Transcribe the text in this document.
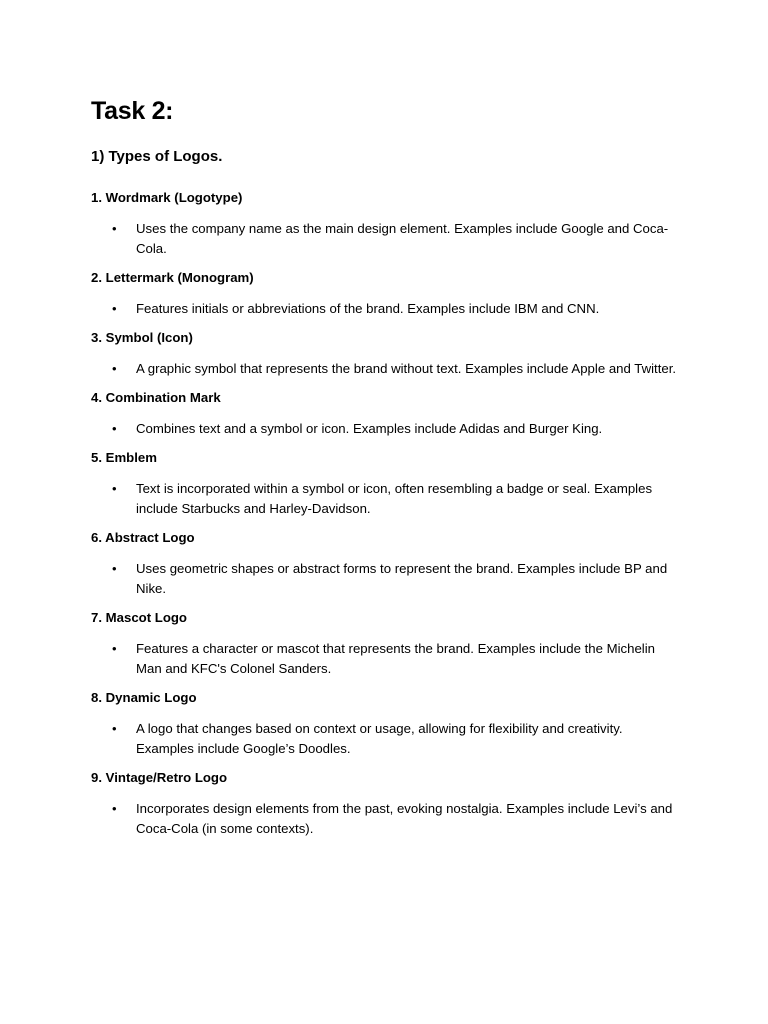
Task 2:
1) Types of Logos.
1. Wordmark (Logotype)
•	Uses the company name as the main design element. Examples include Google and Coca-Cola.
2. Lettermark (Monogram)
•	Features initials or abbreviations of the brand. Examples include IBM and CNN.
3. Symbol (Icon)
•	A graphic symbol that represents the brand without text. Examples include Apple and Twitter.
4. Combination Mark
•	Combines text and a symbol or icon. Examples include Adidas and Burger King.
5. Emblem
•	Text is incorporated within a symbol or icon, often resembling a badge or seal. Examples include Starbucks and Harley-Davidson.
6. Abstract Logo
•	Uses geometric shapes or abstract forms to represent the brand. Examples include BP and Nike.
7. Mascot Logo
•	Features a character or mascot that represents the brand. Examples include the Michelin Man and KFC's Colonel Sanders.
8. Dynamic Logo
•	A logo that changes based on context or usage, allowing for flexibility and creativity. Examples include Google’s Doodles.
9. Vintage/Retro Logo
•	Incorporates design elements from the past, evoking nostalgia. Examples include Levi’s and Coca-Cola (in some contexts).
